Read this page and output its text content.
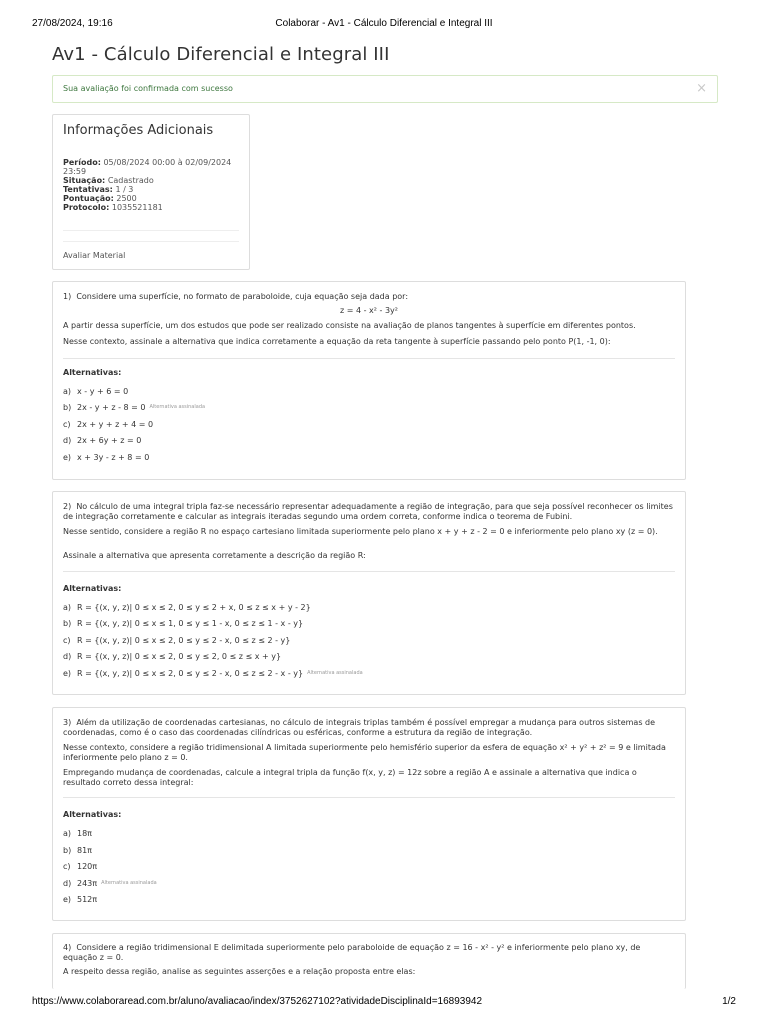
27/08/2024, 19:16	Colaborar - Av1 - Cálculo Diferencial e Integral III
Av1 - Cálculo Diferencial e Integral III
Sua avaliação foi confirmada com sucesso	×
Informações Adicionais
Período: 05/08/2024 00:00 à 02/09/2024 23:59
Situação: Cadastrado
Tentativas: 1 / 3
Pontuação: 2500
Protocolo: 1035521181
Avaliar Material
1) Considere uma superfície, no formato de paraboloide, cuja equação seja dada por:
z = 4 - x² - 3y²
A partir dessa superfície, um dos estudos que pode ser realizado consiste na avaliação de planos tangentes à superfície em diferentes pontos.
Nesse contexto, assinale a alternativa que indica corretamente a equação da reta tangente à superfície passando pelo ponto P(1, -1, 0):
Alternativas:
a) x - y + 6 = 0
b) 2x - y + z - 8 = 0 $^{Alternativa assinalada}$
c) 2x + y + z + 4 = 0
d) 2x + 6y + z = 0
e) x + 3y - z + 8 = 0
2) No cálculo de uma integral tripla faz-se necessário representar adequadamente a região de integração, para que seja possível reconhecer os limites de integração corretamente e calcular as integrais iteradas segundo uma ordem correta, conforme indica o teorema de Fubini.
Nesse sentido, considere a região R no espaço cartesiano limitada superiormente pelo plano x + y + z - 2 = 0 e inferiormente pelo plano xy (z = 0).
Assinale a alternativa que apresenta corretamente a descrição da região R:
Alternativas:
a) R = {(x, y, z)| 0 ≤ x ≤ 2, 0 ≤ y ≤ 2 + x, 0 ≤ z ≤ x + y - 2}
b) R = {(x, y, z)| 0 ≤ x ≤ 1, 0 ≤ y ≤ 1 - x, 0 ≤ z ≤ 1 - x - y}
c) R = {(x, y, z)| 0 ≤ x ≤ 2, 0 ≤ y ≤ 2 - x, 0 ≤ z ≤ 2 - y}
d) R = {(x, y, z)| 0 ≤ x ≤ 2, 0 ≤ y ≤ 2, 0 ≤ z ≤ x + y}
e) R = {(x, y, z)| 0 ≤ x ≤ 2, 0 ≤ y ≤ 2 - x, 0 ≤ z ≤ 2 - x - y} $^{Alternativa assinalada}$
3) Além da utilização de coordenadas cartesianas, no cálculo de integrais triplas também é possível empregar a mudança para outros sistemas de coordenadas, como é o caso das coordenadas cilíndricas ou esféricas, conforme a estrutura da região de integração.
Nesse contexto, considere a região tridimensional A limitada superiormente pelo hemisfério superior da esfera de equação x² + y² + z² = 9 e limitada inferiormente pelo plano z = 0.
Empregando mudança de coordenadas, calcule a integral tripla da função f(x, y, z) = 12z sobre a região A e assinale a alternativa que indica o resultado correto dessa integral:
Alternativas:
a) 18π
b) 81π
c) 120π
d) 243π $^{Alternativa assinalada}$
e) 512π
4) Considere a região tridimensional E delimitada superiormente pelo paraboloide de equação z = 16 - x² - y² e inferiormente pelo plano xy, de equação z = 0.
A respeito dessa região, analise as seguintes asserções e a relação proposta entre elas:
https://www.colaboraread.com.br/aluno/avaliacao/index/3752627102?atividadeDisciplinaId=16893942	1/2
